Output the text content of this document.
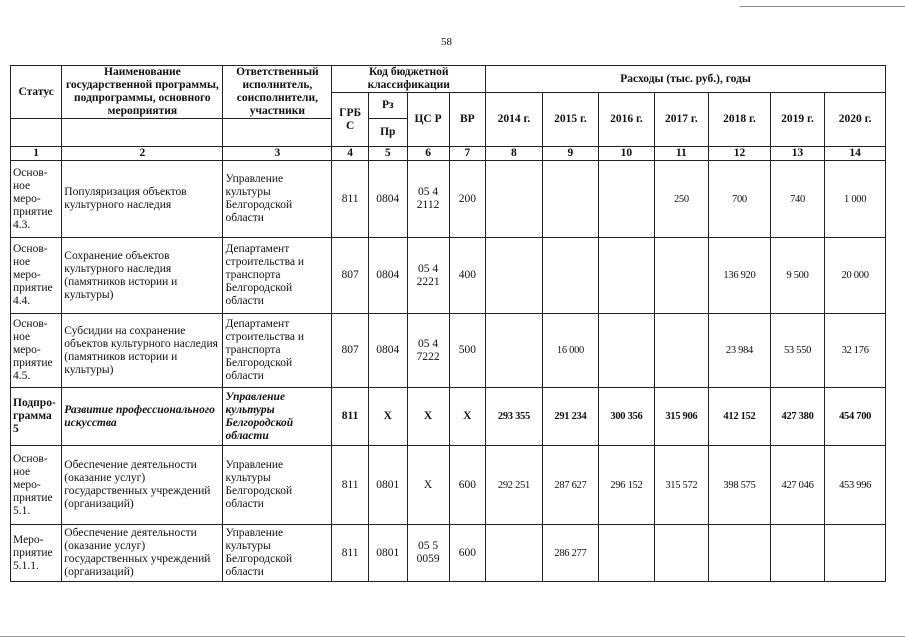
58
Статус	Наименование государственной программы, подпрограммы, основного мероприятия	Ответственный исполнитель, соисполнители, участники	Код бюджетной классификации				Расходы (тыс. руб.), годы						
			ГРБ С	Рз	ЦС Р	ВР	2014 г.	2015 г.	2016 г.	2017 г.	2018 г.	2019 г.	2020 г.
				Пр									
1	2	3	4	5	6	7	8	9	10	11	12	13	14
Основ-ное меро-приятие 4.3.	Популяризация объектов культурного наследия	Управление культуры Белгородской области	811	0804	05 4 2112	200				250	700	740	1 000
Основ-ное меро-приятие 4.4.	Сохранение объектов культурного наследия (памятников истории и культуры)	Департамент строительства и транспорта Белгородской области	807	0804	05 4 2221	400					136 920	9 500	20 000
Основ-ное меро-приятие 4.5.	Субсидии на сохранение объектов культурного наследия (памятников истории и культуры)	Департамент строительства и транспорта Белгородской области	807	0804	05 4 7222	500		16 000			23 984	53 550	32 176
Подпро-грамма 5	Развитие профессионального искусства	Управление культуры Белгородской области	811	X	X	X	293 355	291 234	300 356	315 906	412 152	427 380	454 700
Основ-ное меро-приятие 5.1.	Обеспечение деятельности (оказание услуг) государственных учреждений (организаций)	Управление культуры Белгородской области	811	0801	X	600	292 251	287 627	296 152	315 572	398 575	427 046	453 996
Меро-приятие 5.1.1.	Обеспечение деятельности (оказание услуг) государственных учреждений (организаций)	Управление культуры Белгородской области	811	0801	05 5 0059	600		286 277					
